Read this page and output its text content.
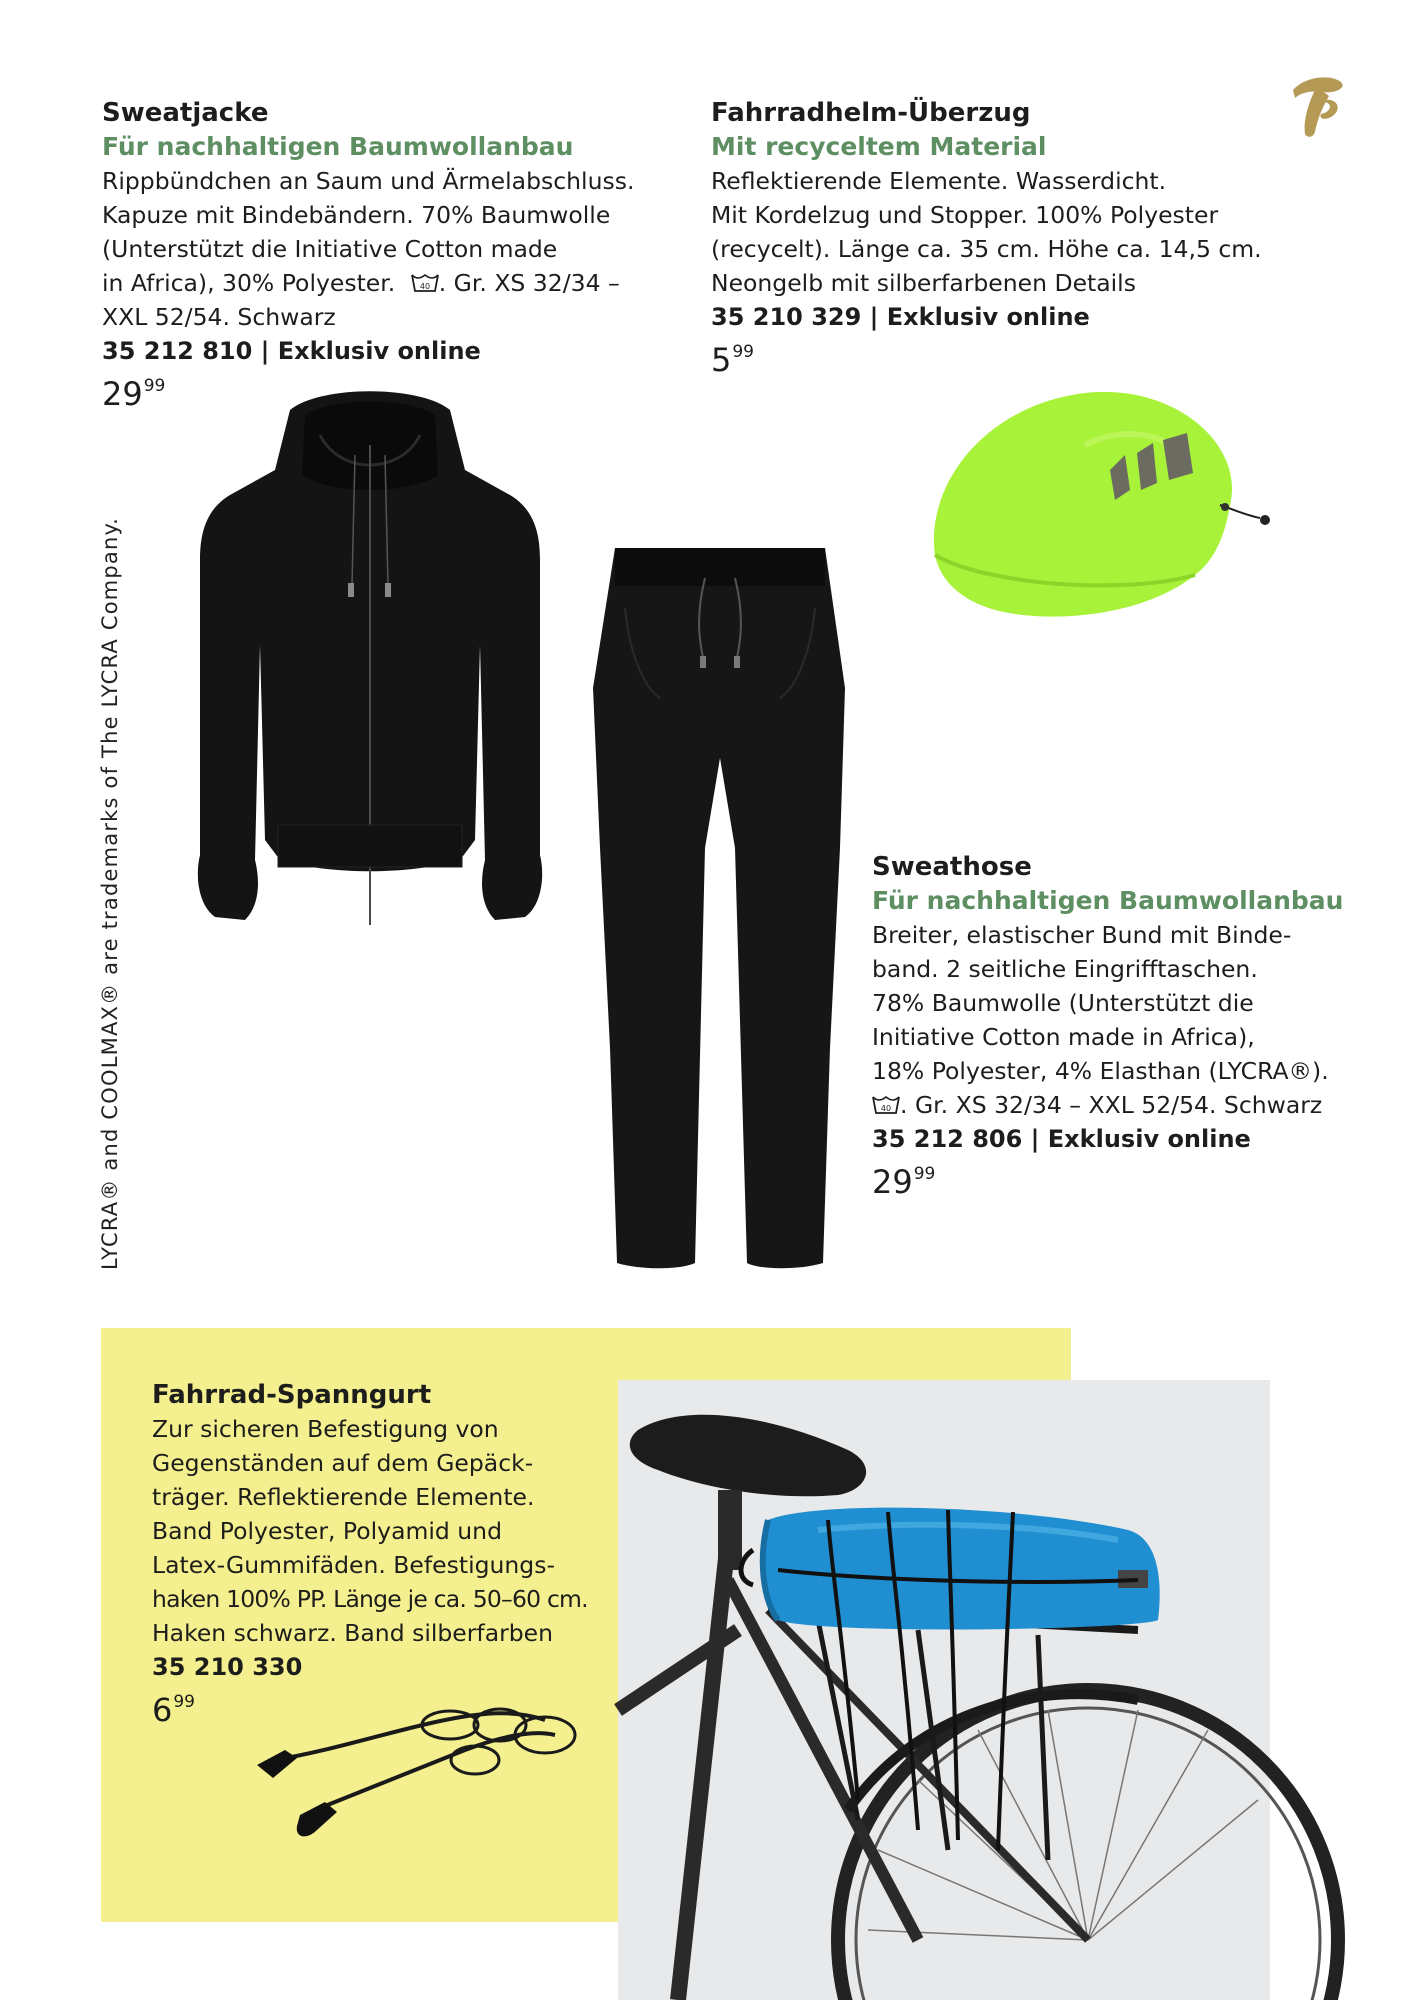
LYCRA® and COOLMAX® are trademarks of The LYCRA Company.
Sweatjacke
Für nachhaltigen Baumwollanbau
Rippbündchen an Saum und Ärmelabschluss.
Kapuze mit Bindebändern. 70% Baumwolle
(Unterstützt die Initiative Cotton made
in Africa), 30% Polyester.	40 . Gr. XS 32/34 –
XXL 52/54. Schwarz
35 212 810 | Exklusiv online
$29^{99}$
Fahrradhelm-Überzug
Mit recyceltem Material
Reflektierende Elemente. Wasserdicht.
Mit Kordelzug und Stopper. 100% Polyester
(recycelt). Länge ca. 35 cm. Höhe ca. 14,5 cm.
Neongelb mit silberfarbenen Details
35 210 329 | Exklusiv online
$5^{99}$
Sweathose
Für nachhaltigen Baumwollanbau
Breiter, elastischer Bund mit Binde-
band. 2 seitliche Eingrifftaschen.
78% Baumwolle (Unterstützt die
Initiative Cotton made in Africa),
18% Polyester, 4% Elasthan (LYCRA®).
40 . Gr. XS 32/34 – XXL 52/54. Schwarz
35 212 806 | Exklusiv online
$29^{99}$
Fahrrad-Spanngurt
Zur sicheren Befestigung von
Gegenständen auf dem Gepäck-
träger. Reflektierende Elemente.
Band Polyester, Polyamid und
Latex-Gummifäden. Befestigungs-
haken 100% PP. Länge je ca. 50–60 cm.
Haken schwarz. Band silberfarben
35 210 330
$6^{99}$
